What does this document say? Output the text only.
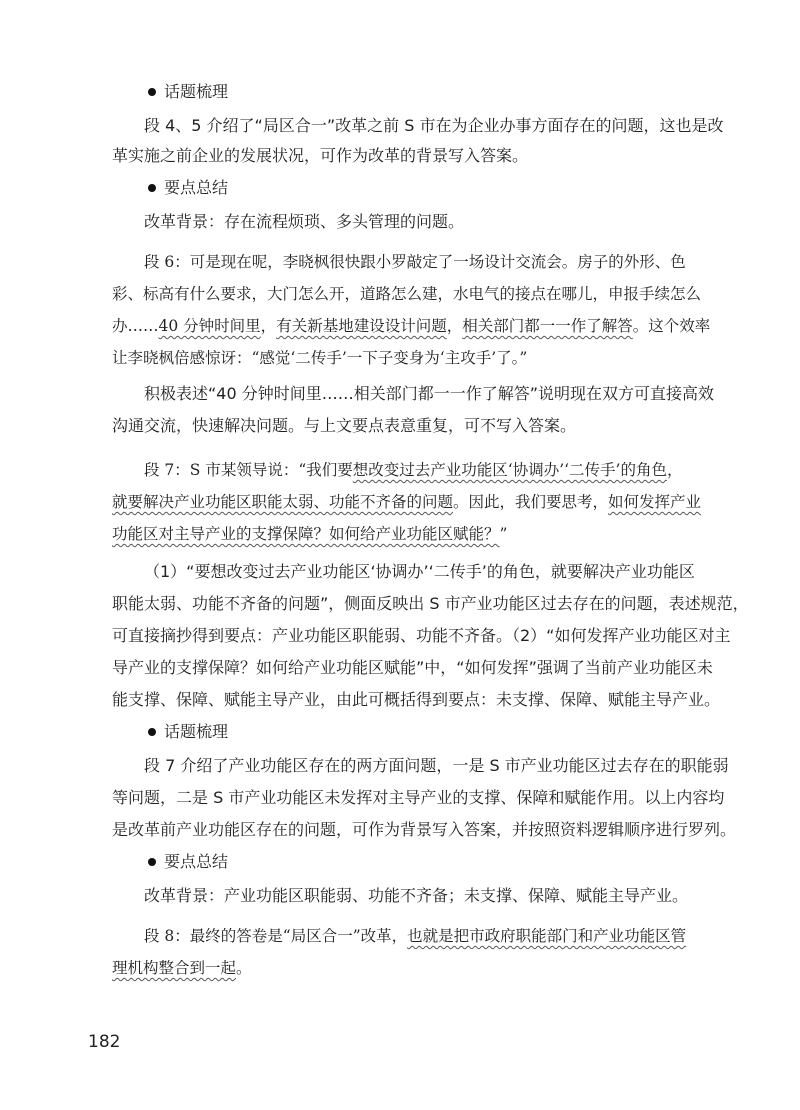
话题梳理

段 4、5 介绍了“局区合一”改革之前 S 市在为企业办事方面存在的问题，这也是改

革实施之前企业的发展状况，可作为改革的背景写入答案。

要点总结

改革背景：存在流程烦琐、多头管理的问题。

段 6：可是现在呢，李晓枫很快跟小罗敲定了一场设计交流会。房子的外形、色

彩、标高有什么要求，大门怎么开，道路怎么建，水电气的接点在哪儿，申报手续怎么

办……40 分钟时间里，有关新基地建设设计问题，相关部门都一一作了解答。这个效率

让李晓枫倍感惊讶：“感觉‘二传手’一下子变身为‘主攻手’了。”

积极表述“40 分钟时间里……相关部门都一一作了解答”说明现在双方可直接高效

沟通交流，快速解决问题。与上文要点表意重复，可不写入答案。

段 7：S 市某领导说：“我们要想改变过去产业功能区‘协调办’‘二传手’的角色，

就要解决产业功能区职能太弱、功能不齐备的问题。因此，我们要思考，如何发挥产业

功能区对主导产业的支撑保障？如何给产业功能区赋能？”

（1）“要想改变过去产业功能区‘协调办’‘二传手’的角色，就要解决产业功能区

职能太弱、功能不齐备的问题”，侧面反映出 S 市产业功能区过去存在的问题，表述规范，

可直接摘抄得到要点：产业功能区职能弱、功能不齐备。（2）“如何发挥产业功能区对主

导产业的支撑保障？如何给产业功能区赋能”中，“如何发挥”强调了当前产业功能区未

能支撑、保障、赋能主导产业，由此可概括得到要点：未支撑、保障、赋能主导产业。

话题梳理

段 7 介绍了产业功能区存在的两方面问题，一是 S 市产业功能区过去存在的职能弱

等问题，二是 S 市产业功能区未发挥对主导产业的支撑、保障和赋能作用。以上内容均

是改革前产业功能区存在的问题，可作为背景写入答案，并按照资料逻辑顺序进行罗列。

要点总结

改革背景：产业功能区职能弱、功能不齐备；未支撑、保障、赋能主导产业。

段 8：最终的答卷是“局区合一”改革，也就是把市政府职能部门和产业功能区管

理机构整合到一起。

182
